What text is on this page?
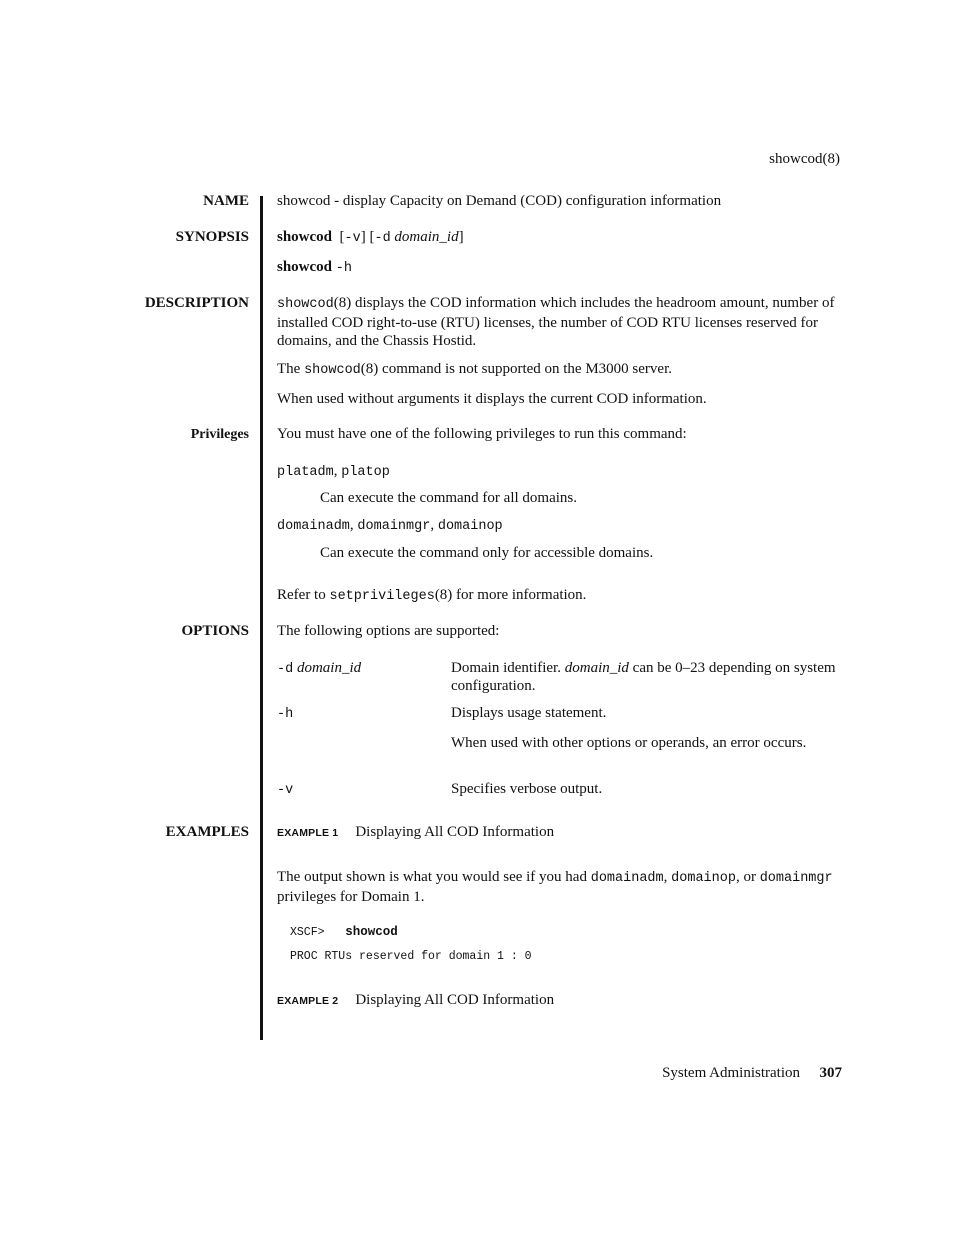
showcod(8)
NAME showcod - display Capacity on Demand (COD) configuration information
SYNOPSIS showcod [-v] [-d domain_id]
showcod -h
DESCRIPTION showcod(8) displays the COD information which includes the headroom amount, number of installed COD right-to-use (RTU) licenses, the number of COD RTU licenses reserved for domains, and the Chassis Hostid.
The showcod(8) command is not supported on the M3000 server.
When used without arguments it displays the current COD information.
Privileges You must have one of the following privileges to run this command:
platadm, platop
Can execute the command for all domains.
domainadm, domainmgr, domainop
Can execute the command only for accessible domains.
Refer to setprivileges(8) for more information.
OPTIONS The following options are supported:
-d domain_id	Domain identifier. domain_id can be 0–23 depending on system configuration.
-h	Displays usage statement.
When used with other options or operands, an error occurs.
-v	Specifies verbose output.
EXAMPLES	EXAMPLE 1 Displaying All COD Information
The output shown is what you would see if you had domainadm, domainop, or domainmgr privileges for Domain 1.
XSCF> showcod
PROC RTUs reserved for domain 1 : 0
EXAMPLE 2 Displaying All COD Information
System Administration	307
